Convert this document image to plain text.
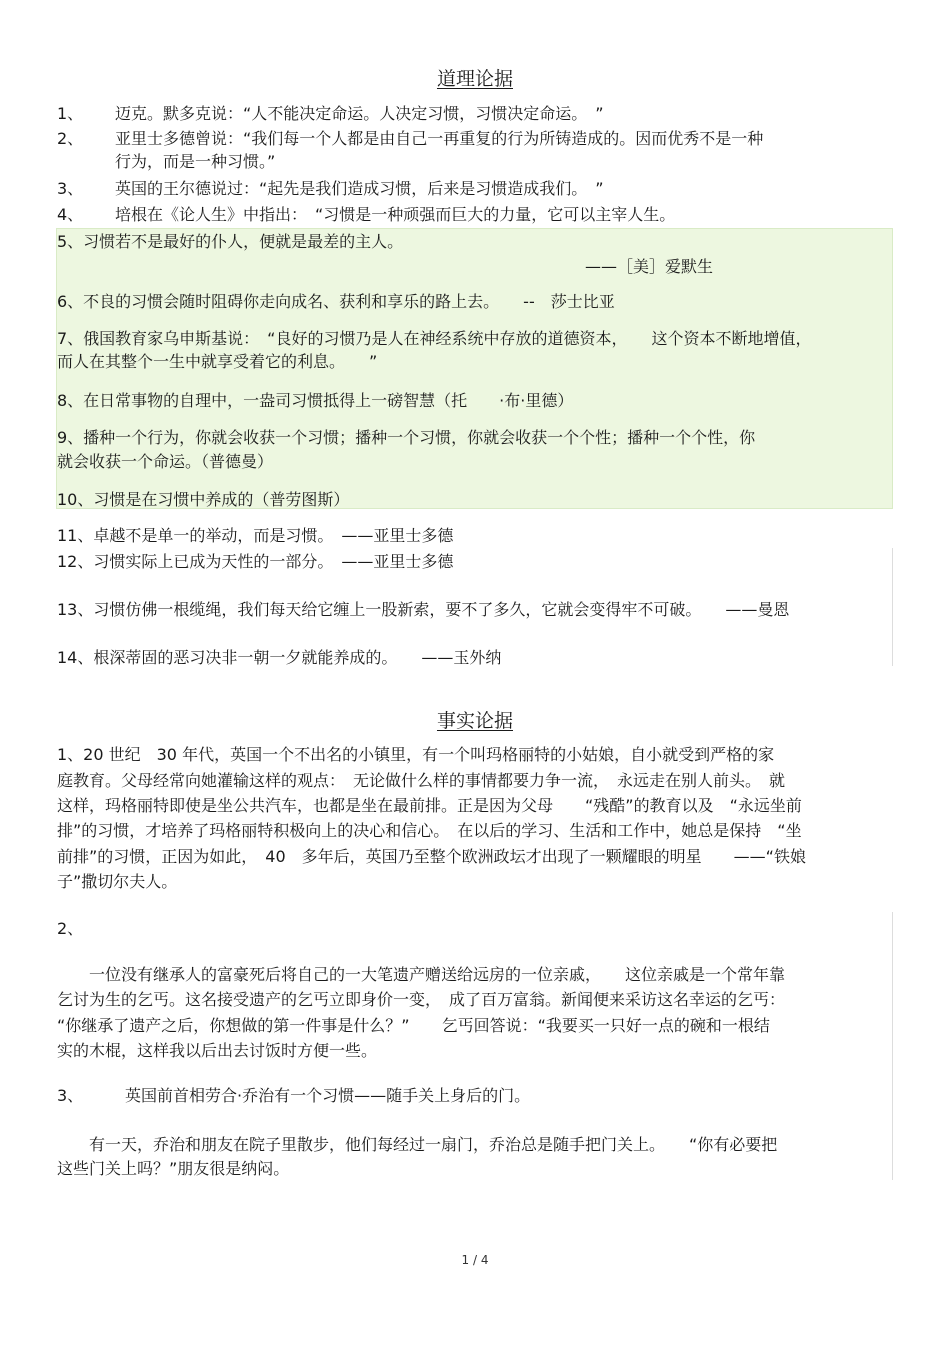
道理论据
1、 迈克。默多克说：“人不能决定命运。人决定习惯，习惯决定命运。　”
2、 亚里士多德曾说：“我们每一个人都是由自己一再重复的行为所铸造成的。因而优秀不是一种
行为，而是一种习惯。”
3、 英国的王尔德说过：“起先是我们造成习惯，后来是习惯造成我们。　”
4、 培根在《论人生》中指出：　“习惯是一种顽强而巨大的力量，它可以主宰人生。
5、习惯若不是最好的仆人，便就是最差的主人。
——［美］爱默生
6、不良的习惯会随时阻碍你走向成名、获利和享乐的路上去。　　--　莎士比亚
7、俄国教育家乌申斯基说：　“良好的习惯乃是人在神经系统中存放的道德资本，　　这个资本不断地增值，
而人在其整个一生中就享受着它的利息。　　”
8、在日常事物的自理中，一盎司习惯抵得上一磅智慧（托　　·布·里德）
9、播种一个行为，你就会收获一个习惯；播种一个习惯，你就会收获一个个性；播种一个个性，你
就会收获一个命运。（普德曼）
10、习惯是在习惯中养成的（普劳图斯）
11、卓越不是单一的举动，而是习惯。　——亚里士多德
12、习惯实际上已成为天性的一部分。　——亚里士多德
13、习惯仿佛一根缆绳，我们每天给它缠上一股新索，要不了多久，它就会变得牢不可破。　　——曼恩
14、根深蒂固的恶习决非一朝一夕就能养成的。　　——玉外纳
事实论据
1、20 世纪　30 年代，英国一个不出名的小镇里，有一个叫玛格丽特的小姑娘，自小就受到严格的家
庭教育。父母经常向她灌输这样的观点：　无论做什么样的事情都要力争一流，　永远走在别人前头。　就
这样，玛格丽特即使是坐公共汽车，也都是坐在最前排。正是因为父母　　“残酷”的教育以及　“永远坐前
排”的习惯，才培养了玛格丽特积极向上的决心和信心。　在以后的学习、生活和工作中，她总是保持　“坐
前排”的习惯，正因为如此，　40　多年后，英国乃至整个欧洲政坛才出现了一颗耀眼的明星　　——“铁娘
子”撒切尔夫人。
2、
　　一位没有继承人的富豪死后将自己的一大笔遗产赠送给远房的一位亲戚，　　这位亲戚是一个常年靠
乞讨为生的乞丐。这名接受遗产的乞丐立即身价一变，　成了百万富翁。新闻便来采访这名幸运的乞丐：
“你继承了遗产之后，你想做的第一件事是什么？”　　乞丐回答说：“我要买一只好一点的碗和一根结
实的木棍，这样我以后出去讨饭时方便一些。
3、	英国前首相劳合·乔治有一个习惯——随手关上身后的门。
　　有一天，乔治和朋友在院子里散步，他们每经过一扇门，乔治总是随手把门关上。　　“你有必要把
这些门关上吗？”朋友很是纳闷。
1 / 4
